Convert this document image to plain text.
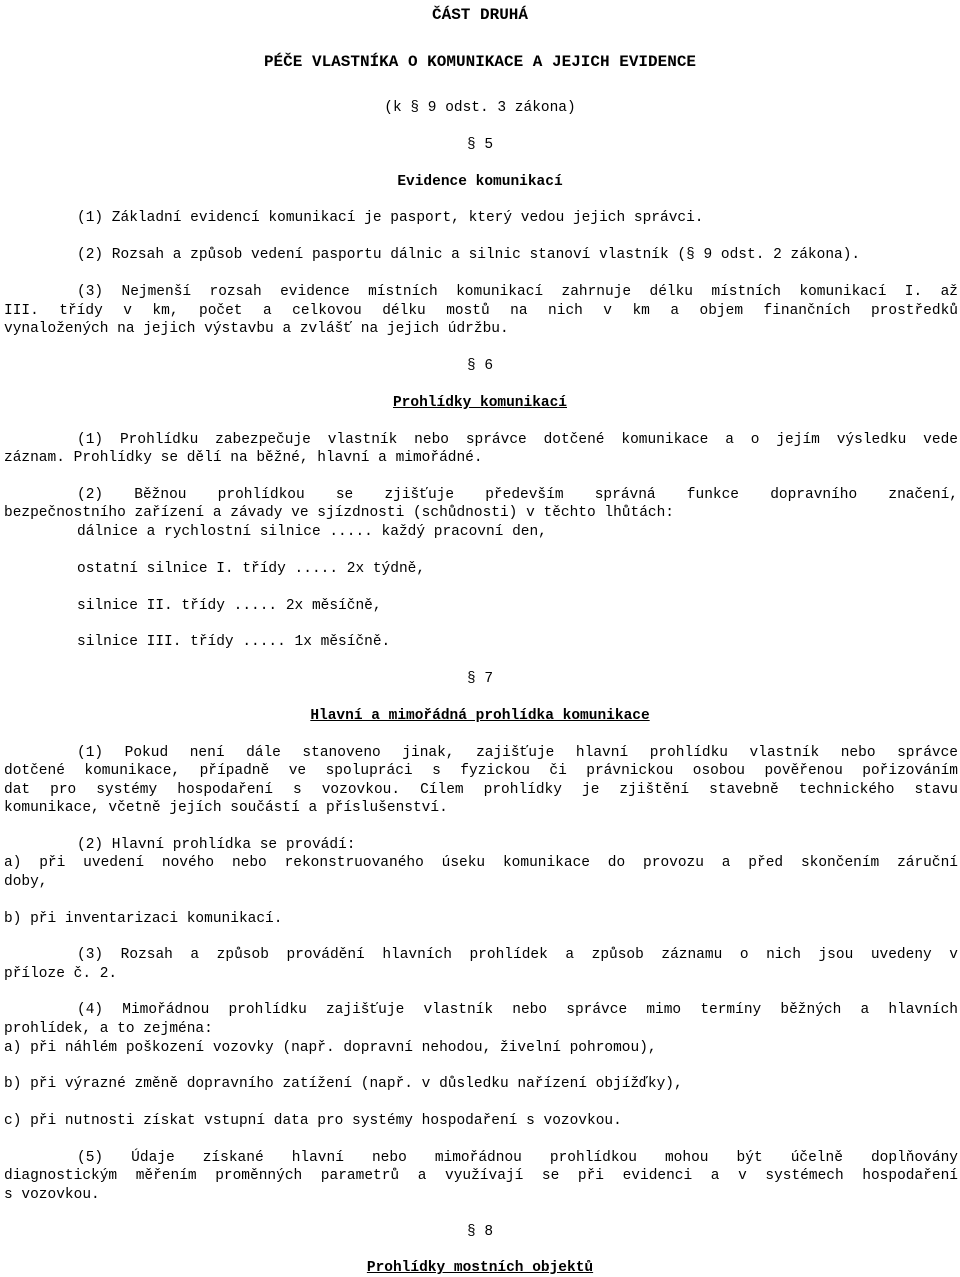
ČÁST DRUHÁ
PÉČE VLASTNÍKA O KOMUNIKACE A JEJICH EVIDENCE
(k § 9 odst. 3 zákona)
§ 5
Evidence komunikací
(1) Základní evidencí komunikací je pasport, který vedou jejich správci.
(2) Rozsah a způsob vedení pasportu dálnic a silnic stanoví vlastník (§ 9 odst. 2 zákona).
(3) Nejmenší rozsah evidence místních komunikací zahrnuje délku místních komunikací I. až
III. třídy v km, počet a celkovou délku mostů na nich v km a objem finančních prostředků
vynaložených na jejich výstavbu a zvlášť na jejich údržbu.
§ 6
Prohlídky komunikací
(1) Prohlídku zabezpečuje vlastník nebo správce dotčené komunikace a o jejím výsledku vede
záznam. Prohlídky se dělí na běžné, hlavní a mimořádné.
(2) Běžnou prohlídkou se zjišťuje především správná funkce dopravního značení,
bezpečnostního zařízení a závady ve sjízdnosti (schůdnosti) v těchto lhůtách:
dálnice a rychlostní silnice ..... každý pracovní den,
ostatní silnice I. třídy ..... 2x týdně,
silnice II. třídy ..... 2x měsíčně,
silnice III. třídy ..... 1x měsíčně.
§ 7
Hlavní a mimořádná prohlídka komunikace
(1) Pokud není dále stanoveno jinak, zajišťuje hlavní prohlídku vlastník nebo správce
dotčené komunikace, případně ve spolupráci s fyzickou či právnickou osobou pověřenou pořizováním
dat pro systémy hospodaření s vozovkou. Cílem prohlídky je zjištění stavebně technického stavu
komunikace, včetně jejích součástí a příslušenství.
(2) Hlavní prohlídka se provádí:
a) při uvedení nového nebo rekonstruovaného úseku komunikace do provozu a před skončením záruční
doby,
b) při inventarizaci komunikací.
(3) Rozsah a způsob provádění hlavních prohlídek a způsob záznamu o nich jsou uvedeny v
příloze č. 2.
(4) Mimořádnou prohlídku zajišťuje vlastník nebo správce mimo termíny běžných a hlavních
prohlídek, a to zejména:
a) při náhlém poškození vozovky (např. dopravní nehodou, živelní pohromou),
b) při výrazné změně dopravního zatížení (např. v důsledku nařízení objížďky),
c) při nutnosti získat vstupní data pro systémy hospodaření s vozovkou.
(5) Údaje získané hlavní nebo mimořádnou prohlídkou mohou být účelně doplňovány
diagnostickým měřením proměnných parametrů a využívají se při evidenci a v systémech hospodaření
s vozovkou.
§ 8
Prohlídky mostních objektů
